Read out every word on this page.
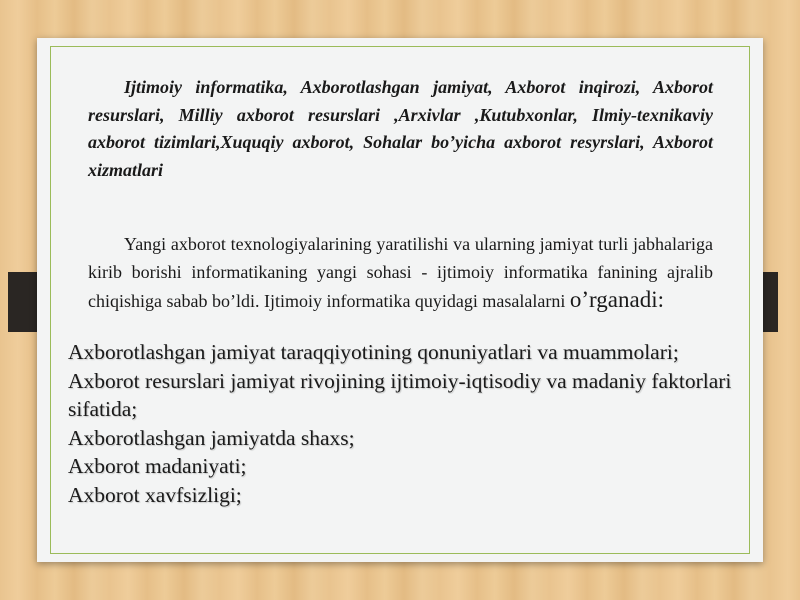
Ijtimoiy informatika, Axborotlashgan jamiyat, Axborot inqirozi, Axborot resurslari, Milliy axborot resurslari ,Arxivlar ,Kutubxonlar, Ilmiy-texnikaviy axborot tizimlari,Xuquqiy axborot, Sohalar bo’yicha axborot resyrslari, Axborot xizmatlari

Yangi axborot texnologiyalarining yaratilishi va ularning jamiyat turli jabhalariga kirib borishi informatikaning yangi sohasi - ijtimoiy informatika fanining ajralib chiqishiga sabab bo’ldi. Ijtimoiy informatika quyidagi masalalarni o’rganadi:

Axborotlashgan jamiyat taraqqiyotining qonuniyatlari va muammolari;
Axborot resurslari jamiyat rivojining ijtimoiy-iqtisodiy va madaniy faktorlari sifatida;
Axborotlashgan jamiyatda shaxs;
Axborot madaniyati;
Axborot xavfsizligi;
